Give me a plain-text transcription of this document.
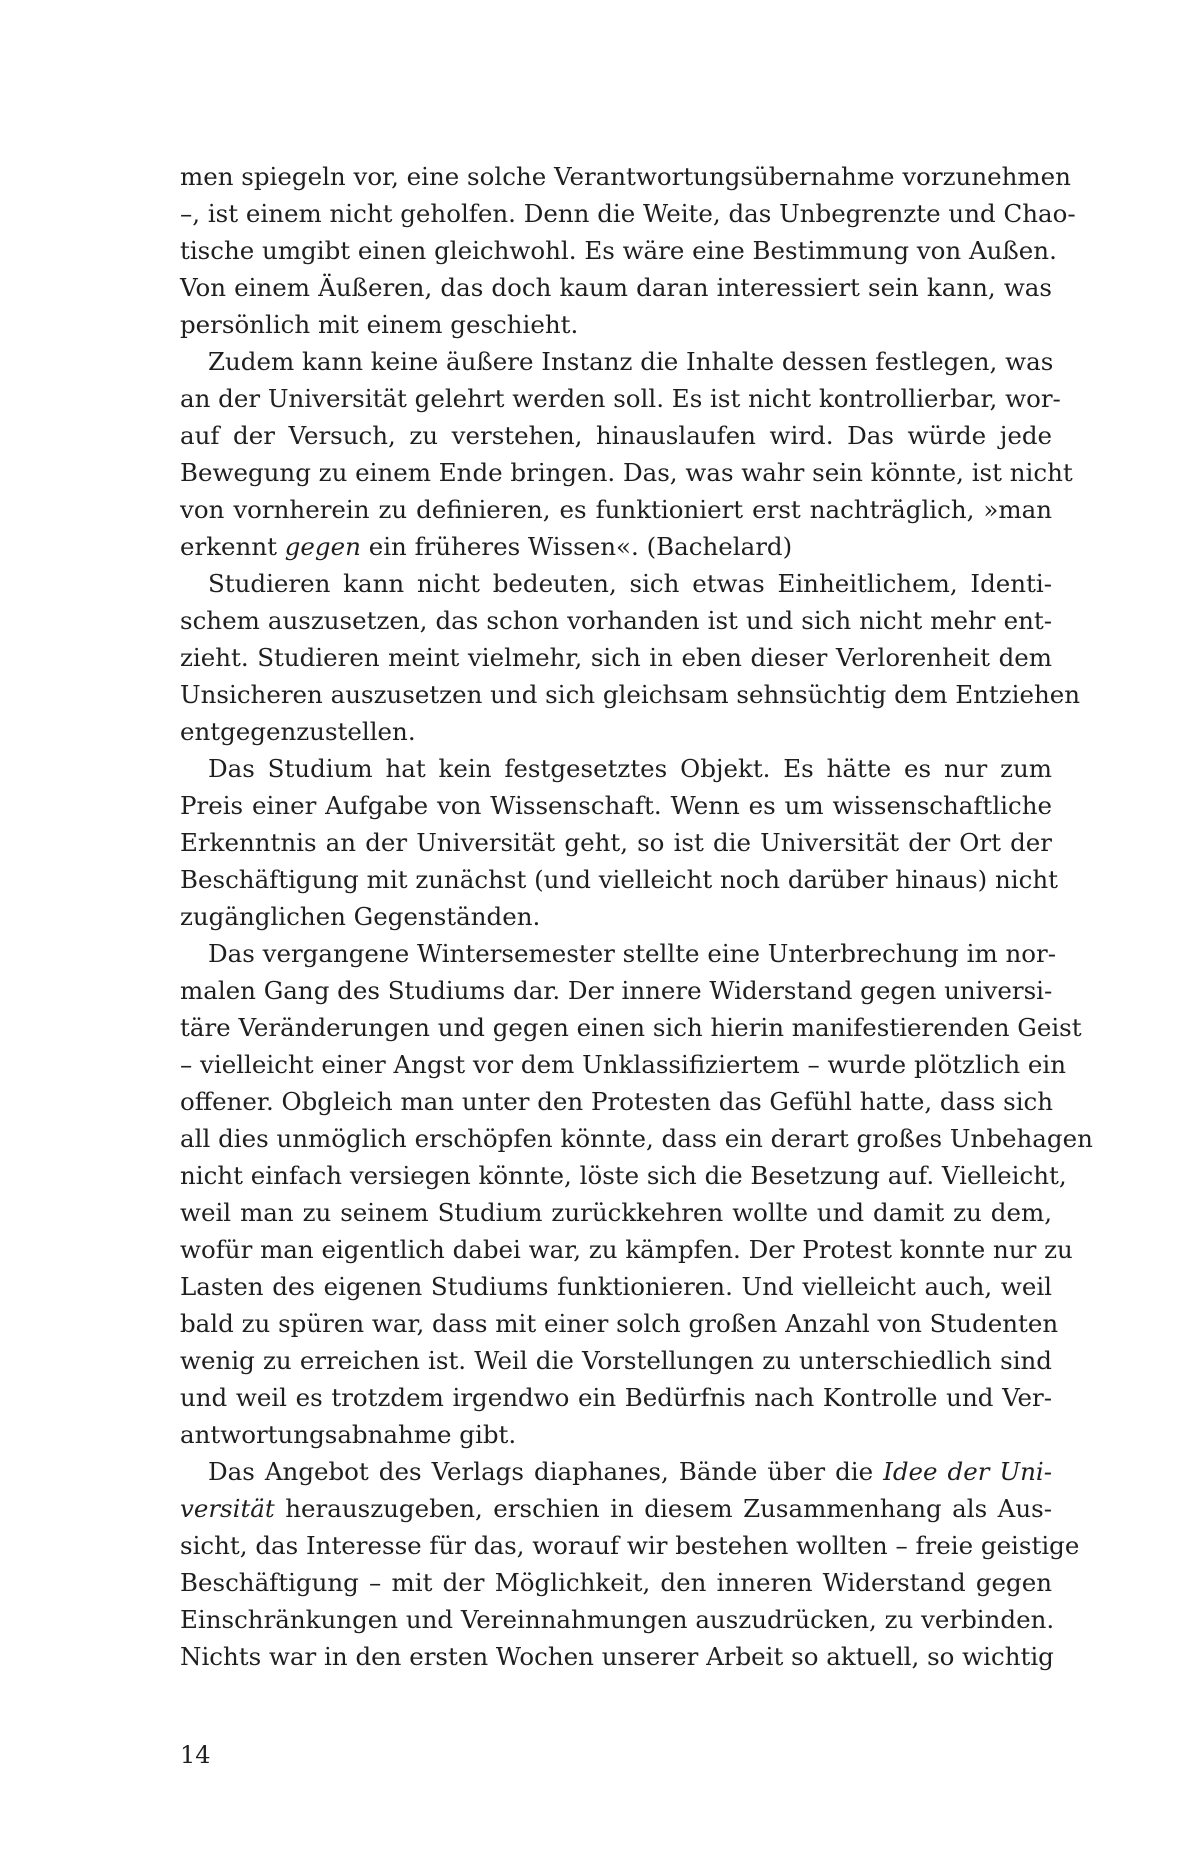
men spiegeln vor, eine solche Verantwortungsübernahme vorzunehmen
–, ist einem nicht geholfen. Denn die Weite, das Unbegrenzte und Chao-
tische umgibt einen gleichwohl. Es wäre eine Bestimmung von Außen.
Von einem Äußeren, das doch kaum daran interessiert sein kann, was
persönlich mit einem geschieht.
Zudem kann keine äußere Instanz die Inhalte dessen festlegen, was
an der Universität gelehrt werden soll. Es ist nicht kontrollierbar, wor-
auf der Versuch, zu verstehen, hinauslaufen wird. Das würde jede
Bewegung zu einem Ende bringen. Das, was wahr sein könnte, ist nicht
von vornherein zu definieren, es funktioniert erst nachträglich, »man
erkennt gegen ein früheres Wissen«. (Bachelard)
Studieren kann nicht bedeuten, sich etwas Einheitlichem, Identi-
schem auszusetzen, das schon vorhanden ist und sich nicht mehr ent-
zieht. Studieren meint vielmehr, sich in eben dieser Verlorenheit dem
Unsicheren auszusetzen und sich gleichsam sehnsüchtig dem Entziehen
entgegenzustellen.
Das Studium hat kein festgesetztes Objekt. Es hätte es nur zum
Preis einer Aufgabe von Wissenschaft. Wenn es um wissenschaftliche
Erkenntnis an der Universität geht, so ist die Universität der Ort der
Beschäftigung mit zunächst (und vielleicht noch darüber hinaus) nicht
zugänglichen Gegenständen.
Das vergangene Wintersemester stellte eine Unterbrechung im nor-
malen Gang des Studiums dar. Der innere Widerstand gegen universi-
täre Veränderungen und gegen einen sich hierin manifestierenden Geist
– vielleicht einer Angst vor dem Unklassifiziertem – wurde plötzlich ein
offener. Obgleich man unter den Protesten das Gefühl hatte, dass sich
all dies unmöglich erschöpfen könnte, dass ein derart großes Unbehagen
nicht einfach versiegen könnte, löste sich die Besetzung auf. Vielleicht,
weil man zu seinem Studium zurückkehren wollte und damit zu dem,
wofür man eigentlich dabei war, zu kämpfen. Der Protest konnte nur zu
Lasten des eigenen Studiums funktionieren. Und vielleicht auch, weil
bald zu spüren war, dass mit einer solch großen Anzahl von Studenten
wenig zu erreichen ist. Weil die Vorstellungen zu unterschiedlich sind
und weil es trotzdem irgendwo ein Bedürfnis nach Kontrolle und Ver-
antwortungsabnahme gibt.
Das Angebot des Verlags diaphanes, Bände über die Idee der Uni-
versität herauszugeben, erschien in diesem Zusammenhang als Aus-
sicht, das Interesse für das, worauf wir bestehen wollten – freie geistige
Beschäftigung – mit der Möglichkeit, den inneren Widerstand gegen
Einschränkungen und Vereinnahmungen auszudrücken, zu verbinden.
Nichts war in den ersten Wochen unserer Arbeit so aktuell, so wichtig
14
